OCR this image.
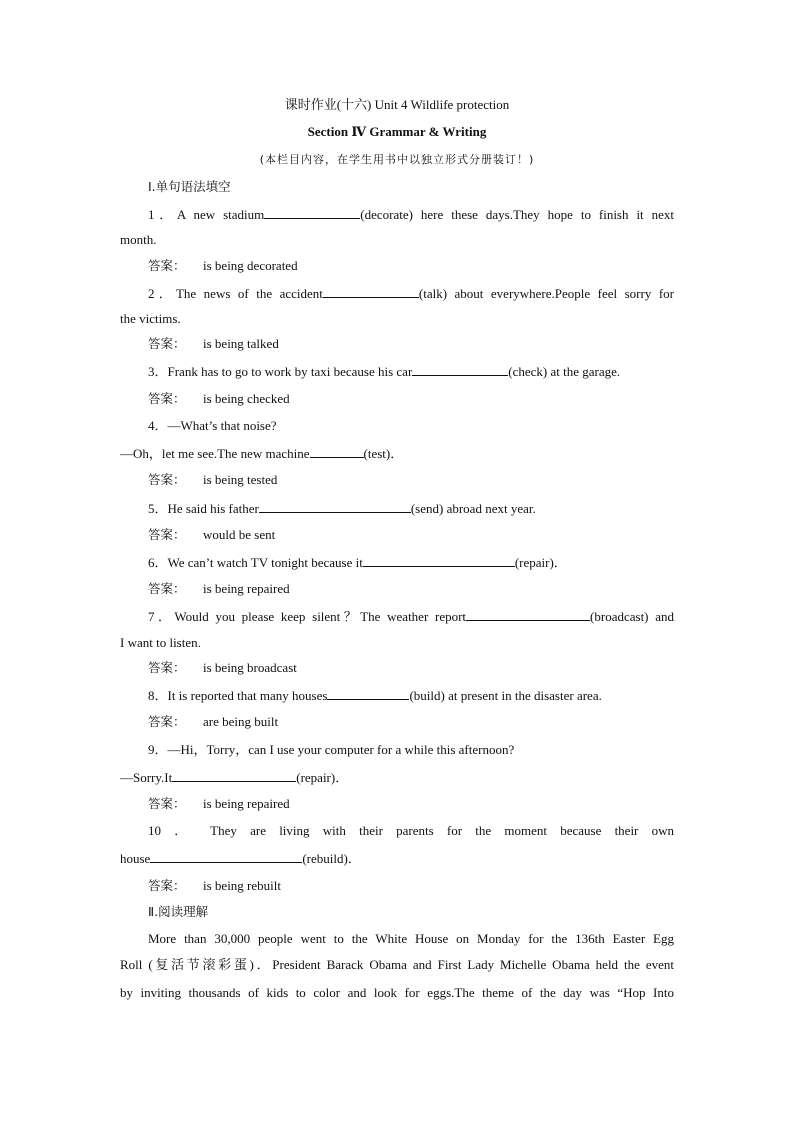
课时作业(十六) Unit 4 Wildlife protection
Section Ⅳ Grammar & Writing
(本栏目内容，在学生用书中以独立形式分册装订！)
Ⅰ.单句语法填空
1．A new stadium	(decorate) here these days.They hope to finish it next
month.
答案： is being decorated
2．The news of the accident	(talk) about everywhere.People feel sorry for
the victims.
答案： is being talked
3．Frank has to go to work by taxi because his car	(check) at the garage.
答案： is being checked
4．—What’s that noise?
—Oh，let me see.The new machine	(test)．
答案： is being tested
5．He said his father	(send) abroad next year.
答案： would be sent
6．We can’t watch TV tonight because it	(repair)．
答案： is being repaired
7．Would you please keep silent？The weather report	(broadcast) and
I want to listen.
答案： is being broadcast
8．It is reported that many houses	(build) at present in the disaster area.
答案： are being built
9．—Hi，Torry，can I use your computer for a while this afternoon?
—Sorry.It	(repair)．
答案： is being repaired
10 ． They are living with their parents for the moment because their own
house	(rebuild)．
答案： is being rebuilt
Ⅱ.阅读理解
More than 30,000 people went to the White House on Monday for the 136th Easter Egg
Roll (复活节滚彩蛋)．President Barack Obama and First Lady Michelle Obama held the event
by inviting thousands of kids to color and look for eggs.The theme of the day was “Hop Into
